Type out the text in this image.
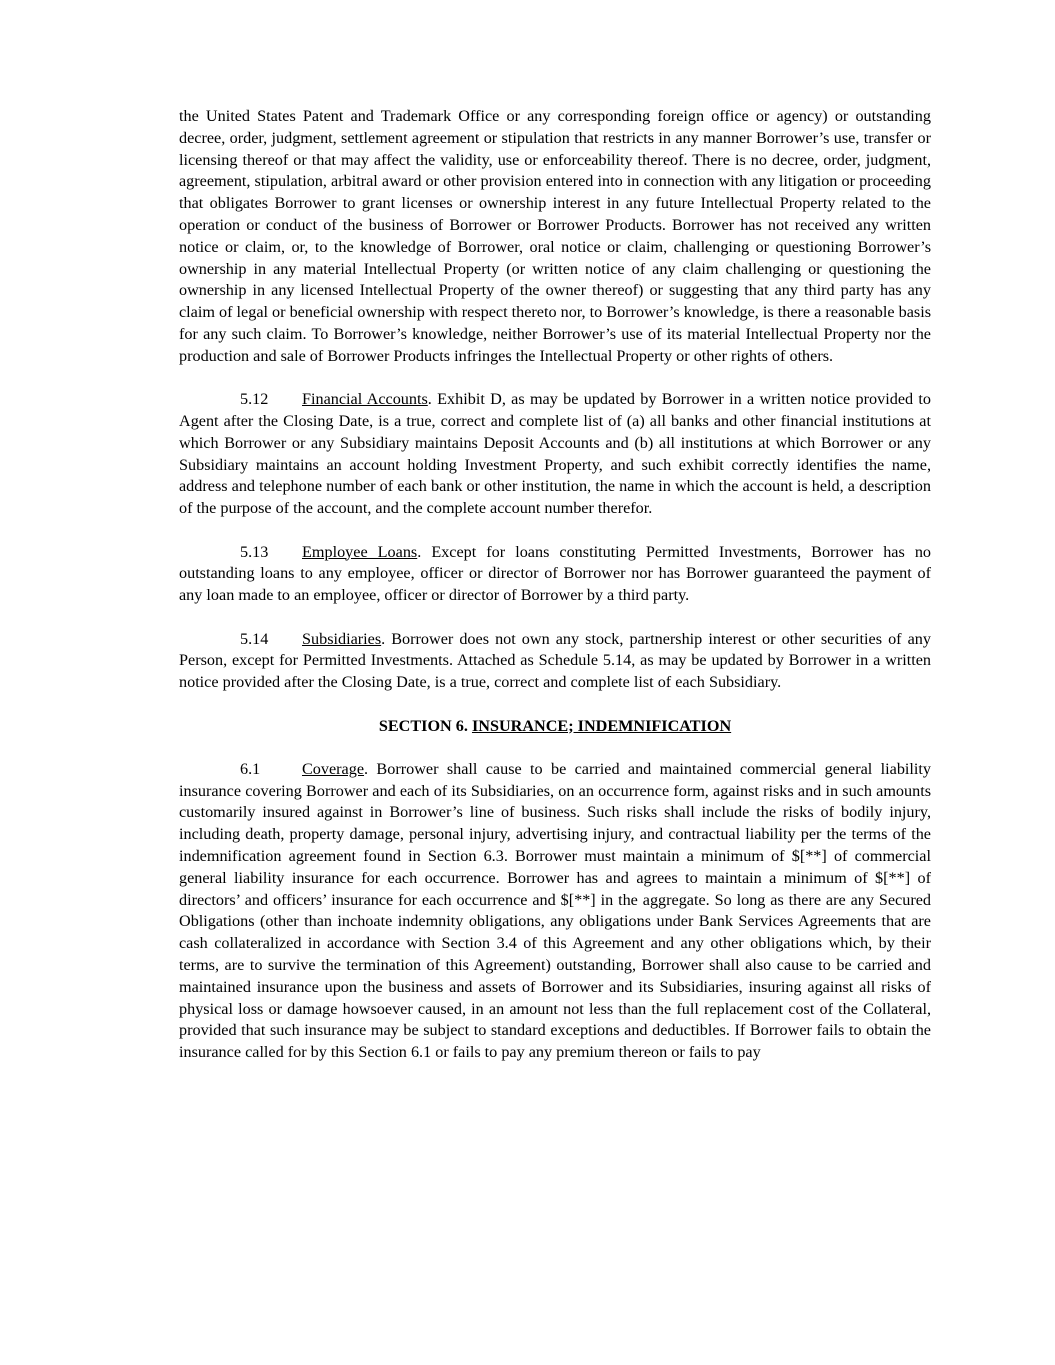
the United States Patent and Trademark Office or any corresponding foreign office or agency) or outstanding decree, order, judgment, settlement agreement or stipulation that restricts in any manner Borrower’s use, transfer or licensing thereof or that may affect the validity, use or enforceability thereof. There is no decree, order, judgment, agreement, stipulation, arbitral award or other provision entered into in connection with any litigation or proceeding that obligates Borrower to grant licenses or ownership interest in any future Intellectual Property related to the operation or conduct of the business of Borrower or Borrower Products. Borrower has not received any written notice or claim, or, to the knowledge of Borrower, oral notice or claim, challenging or questioning Borrower’s ownership in any material Intellectual Property (or written notice of any claim challenging or questioning the ownership in any licensed Intellectual Property of the owner thereof) or suggesting that any third party has any claim of legal or beneficial ownership with respect thereto nor, to Borrower’s knowledge, is there a reasonable basis for any such claim. To Borrower’s knowledge, neither Borrower’s use of its material Intellectual Property nor the production and sale of Borrower Products infringes the Intellectual Property or other rights of others.

5.12 Financial Accounts. Exhibit D, as may be updated by Borrower in a written notice provided to Agent after the Closing Date, is a true, correct and complete list of (a) all banks and other financial institutions at which Borrower or any Subsidiary maintains Deposit Accounts and (b) all institutions at which Borrower or any Subsidiary maintains an account holding Investment Property, and such exhibit correctly identifies the name, address and telephone number of each bank or other institution, the name in which the account is held, a description of the purpose of the account, and the complete account number therefor.

5.13 Employee Loans. Except for loans constituting Permitted Investments, Borrower has no outstanding loans to any employee, officer or director of Borrower nor has Borrower guaranteed the payment of any loan made to an employee, officer or director of Borrower by a third party.

5.14 Subsidiaries. Borrower does not own any stock, partnership interest or other securities of any Person, except for Permitted Investments. Attached as Schedule 5.14, as may be updated by Borrower in a written notice provided after the Closing Date, is a true, correct and complete list of each Subsidiary.

SECTION 6. INSURANCE; INDEMNIFICATION

6.1	Coverage. Borrower shall cause to be carried and maintained commercial general liability insurance covering Borrower and each of its Subsidiaries, on an occurrence form, against risks and in such amounts customarily insured against in Borrower’s line of business. Such risks shall include the risks of bodily injury, including death, property damage, personal injury, advertising injury, and contractual liability per the terms of the indemnification agreement found in Section 6.3. Borrower must maintain a minimum of $[**] of commercial general liability insurance for each occurrence. Borrower has and agrees to maintain a minimum of $[**] of directors’ and officers’ insurance for each occurrence and $[**] in the aggregate. So long as there are any Secured Obligations (other than inchoate indemnity obligations, any obligations under Bank Services Agreements that are cash collateralized in accordance with Section 3.4 of this Agreement and any other obligations which, by their terms, are to survive the termination of this Agreement) outstanding, Borrower shall also cause to be carried and maintained insurance upon the business and assets of Borrower and its Subsidiaries, insuring against all risks of physical loss or damage howsoever caused, in an amount not less than the full replacement cost of the Collateral, provided that such insurance may be subject to standard exceptions and deductibles. If Borrower fails to obtain the insurance called for by this Section 6.1 or fails to pay any premium thereon or fails to pay
